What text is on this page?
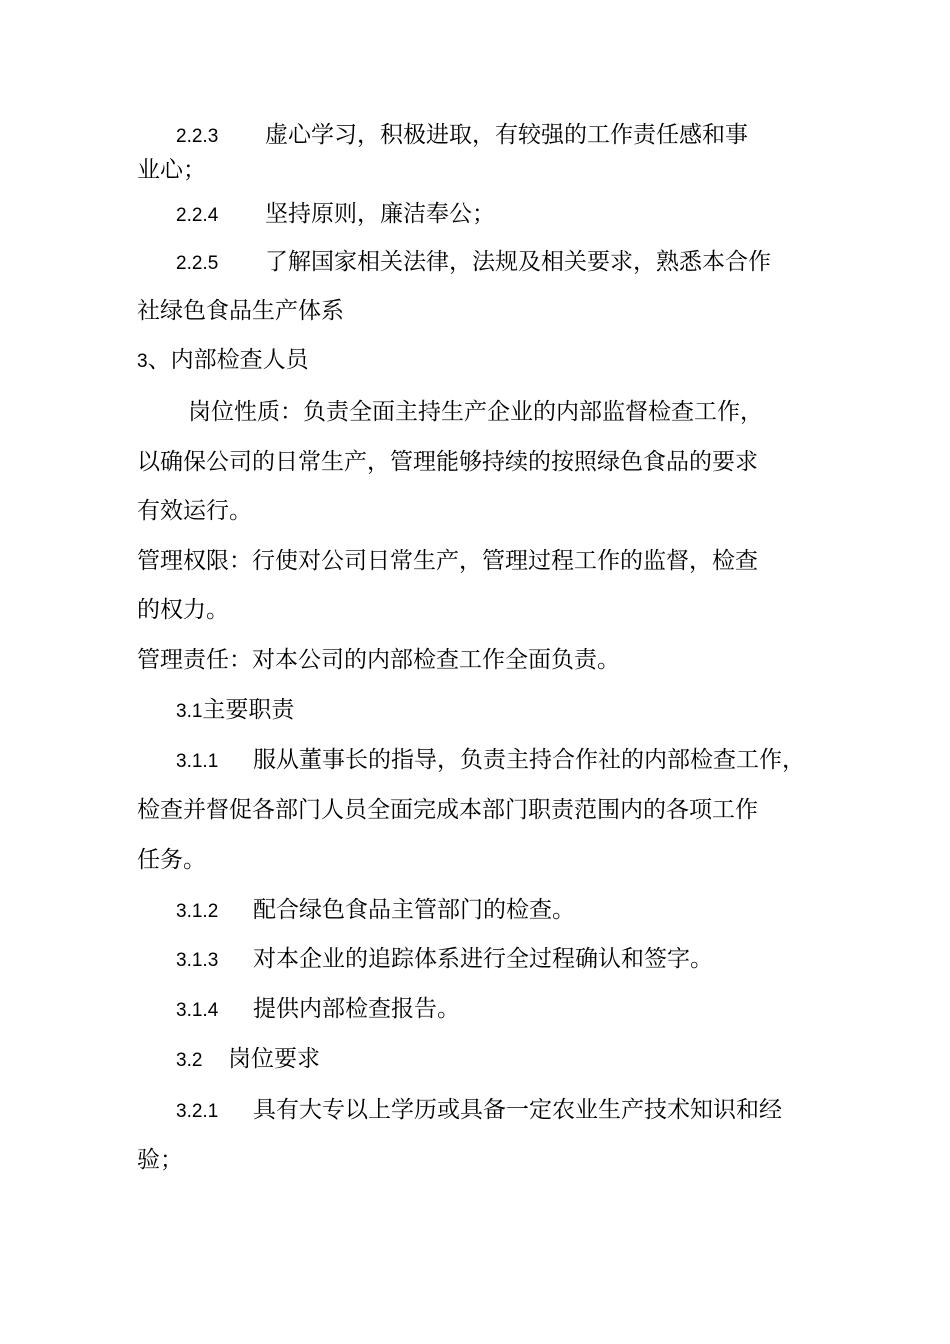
2.2.3 虚心学习，积极进取，有较强的工作责任感和事
业心；
2.2.4 坚持原则，廉洁奉公；
2.2.5 了解国家相关法律，法规及相关要求，熟悉本合作
社绿色食品生产体系
3、内部检查人员
岗位性质：负责全面主持生产企业的内部监督检查工作，
以确保公司的日常生产，管理能够持续的按照绿色食品的要求
有效运行。
管理权限：行使对公司日常生产，管理过程工作的监督，检查
的权力。
管理责任：对本公司的内部检查工作全面负责。
3.1主要职责
3.1.1 服从董事长的指导，负责主持合作社的内部检查工作，
检查并督促各部门人员全面完成本部门职责范围内的各项工作
任务。
3.1.2 配合绿色食品主管部门的检查。
3.1.3 对本企业的追踪体系进行全过程确认和签字。
3.1.4 提供内部检查报告。
3.2 岗位要求
3.2.1 具有大专以上学历或具备一定农业生产技术知识和经
验；
